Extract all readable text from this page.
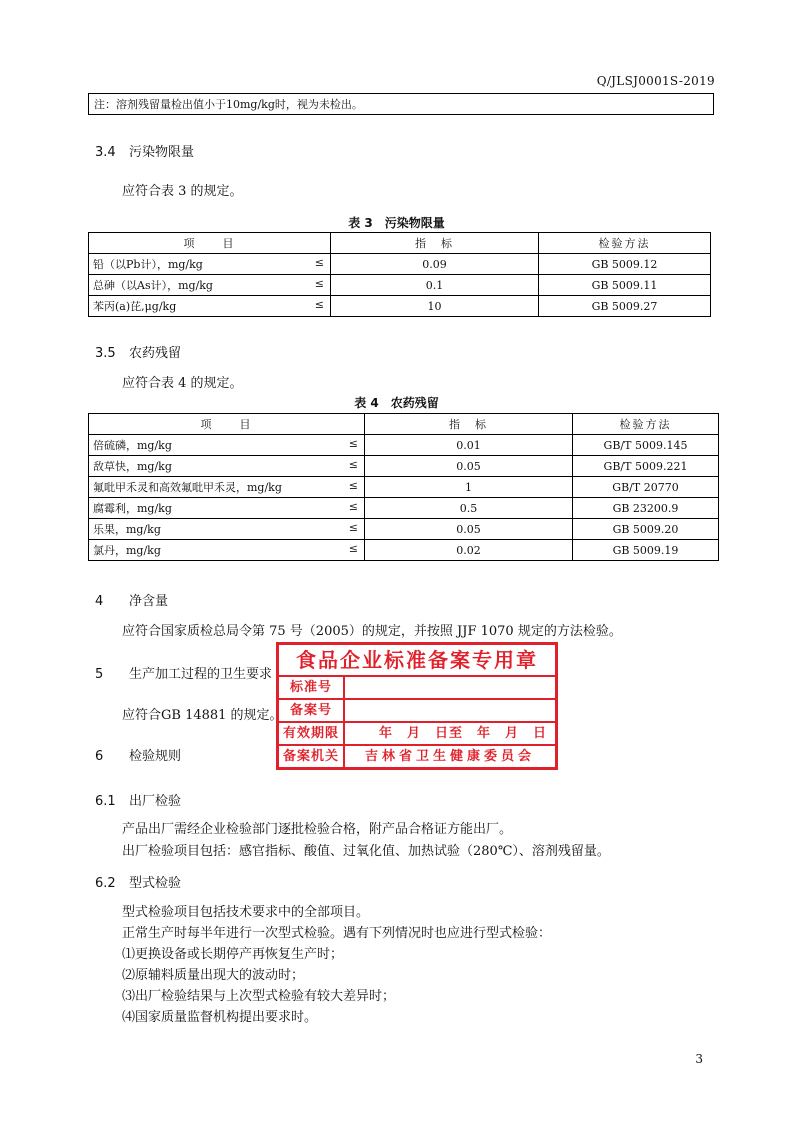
Q/JLSJ0001S-2019
注：溶剂残留量检出值小于10mg/kg时，视为未检出。
3.4 污染物限量
应符合表 3 的规定。
表 3　污染物限量
项　　目	指　标	检验方法
铅（以Pb计），mg/kg ≤	0.09	GB 5009.12
总砷（以As计），mg/kg ≤	0.1	GB 5009.11
苯丙(a)芘,μg/kg ≤	10	GB 5009.27
3.5 农药残留
应符合表 4 的规定。
表 4　农药残留
项　　目	指　标	检验方法
倍硫磷，mg/kg ≤	0.01	GB/T 5009.145
敌草快，mg/kg ≤	0.05	GB/T 5009.221
氟吡甲禾灵和高效氟吡甲禾灵，mg/kg ≤	1	GB/T 20770
腐霉利，mg/kg ≤	0.5	GB 23200.9
乐果，mg/kg ≤	0.05	GB 5009.20
氯丹，mg/kg ≤	0.02	GB 5009.19
4 净含量
应符合国家质检总局令第 75 号（2005）的规定，并按照 JJF 1070 规定的方法检验。
5 生产加工过程的卫生要求
应符合GB 14881 的规定。
6 检验规则
食品企业标准备案专用章
标准号
备案号
有效期限	年　月　日至　年　月　日
备案机关	吉林省卫生健康委员会
6.1 出厂检验
产品出厂需经企业检验部门逐批检验合格，附产品合格证方能出厂。
出厂检验项目包括：感官指标、酸值、过氧化值、加热试验（280℃）、溶剂残留量。
6.2 型式检验
型式检验项目包括技术要求中的全部项目。
正常生产时每半年进行一次型式检验。遇有下列情况时也应进行型式检验：
⑴更换设备或长期停产再恢复生产时；
⑵原辅料质量出现大的波动时；
⑶出厂检验结果与上次型式检验有较大差异时；
⑷国家质量监督机构提出要求时。
3
